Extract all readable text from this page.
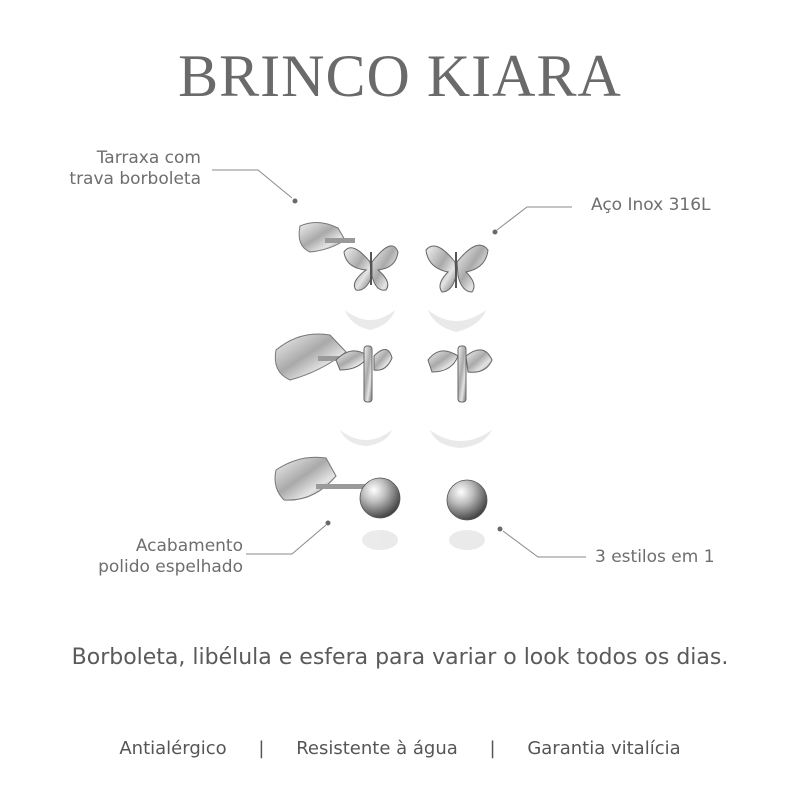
BRINCO KIARA
Tarraxa com
trava borboleta
Aço Inox 316L
Acabamento
polido espelhado	3 estilos em 1
Borboleta, libélula e esfera para variar o look todos os dias.
Antialérgico | Resistente à água | Garantia vitalícia
